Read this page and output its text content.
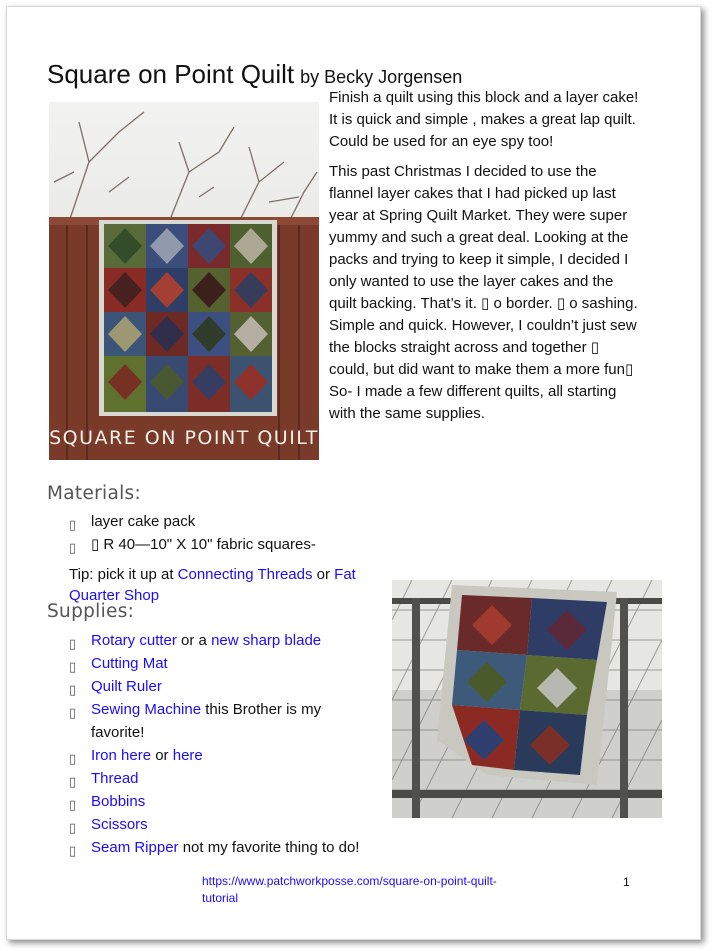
Square on Point Quilt by Becky Jorgensen
SQUARE ON POINT QUILT

Finish a quilt using this block and a layer cake! It is quick and simple , makes a great lap quilt. Could be used for an eye spy too!

This past Christmas I decided to use the flannel layer cakes that I had picked up last year at Spring Quilt Market. They were super yummy and such a great deal. Looking at the packs and trying to keep it simple, I decided I only wanted to use the layer cakes and the quilt backing. That’s it. ▯ o border. ▯ o sashing. Simple and quick. However, I couldn’t just sew the blocks straight across and together ▯ could, but did want to make them a more fun▯

So- I made a few different quilts, all starting with the same supplies.

Materials:
▯ layer cake pack
▯ ▯ R 40—10" X 10" fabric squares-
Tip: pick it up at Connecting Threads or Fat Quarter Shop
Supplies:
▯ Rotary cutter or a new sharp blade
▯ Cutting Mat
▯ Quilt Ruler
▯ Sewing Machine this Brother is my favorite!
▯ Iron here or here
▯ Thread
▯ Bobbins
▯ Scissors
▯ Seam Ripper not my favorite thing to do!
https://www.patchworkposse.com/square-on-point-quilt-tutorial
1
